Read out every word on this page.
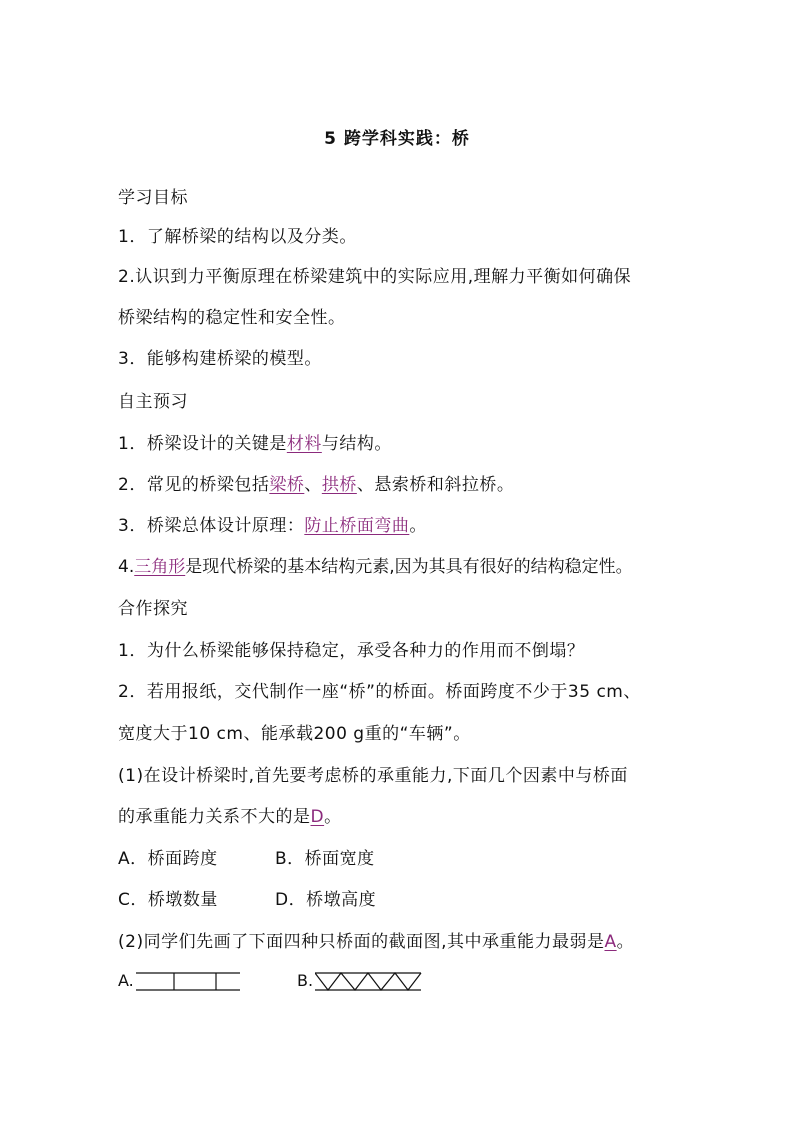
5 跨学科实践：桥
学习目标
1．了解桥梁的结构以及分类。
2.认识到力平衡原理在桥梁建筑中的实际应用,理解力平衡如何确保
桥梁结构的稳定性和安全性。
3．能够构建桥梁的模型。
自主预习
1．桥梁设计的关键是材料与结构。
2．常见的桥梁包括梁桥、拱桥、悬索桥和斜拉桥。
3．桥梁总体设计原理：防止桥面弯曲。
4.三角形是现代桥梁的基本结构元素,因为其具有很好的结构稳定性。
合作探究
1．为什么桥梁能够保持稳定，承受各种力的作用而不倒塌？
2．若用报纸，交代制作一座“桥”的桥面。桥面跨度不少于35 cm、
宽度大于10 cm、能承载200 g重的“车辆”。
(1)在设计桥梁时,首先要考虑桥的承重能力,下面几个因素中与桥面
的承重能力关系不大的是D。
A．桥面跨度	B．桥面宽度
C．桥墩数量	D．桥墩高度
(2)同学们先画了下面四种只桥面的截面图,其中承重能力最弱是A。
A.	B.
